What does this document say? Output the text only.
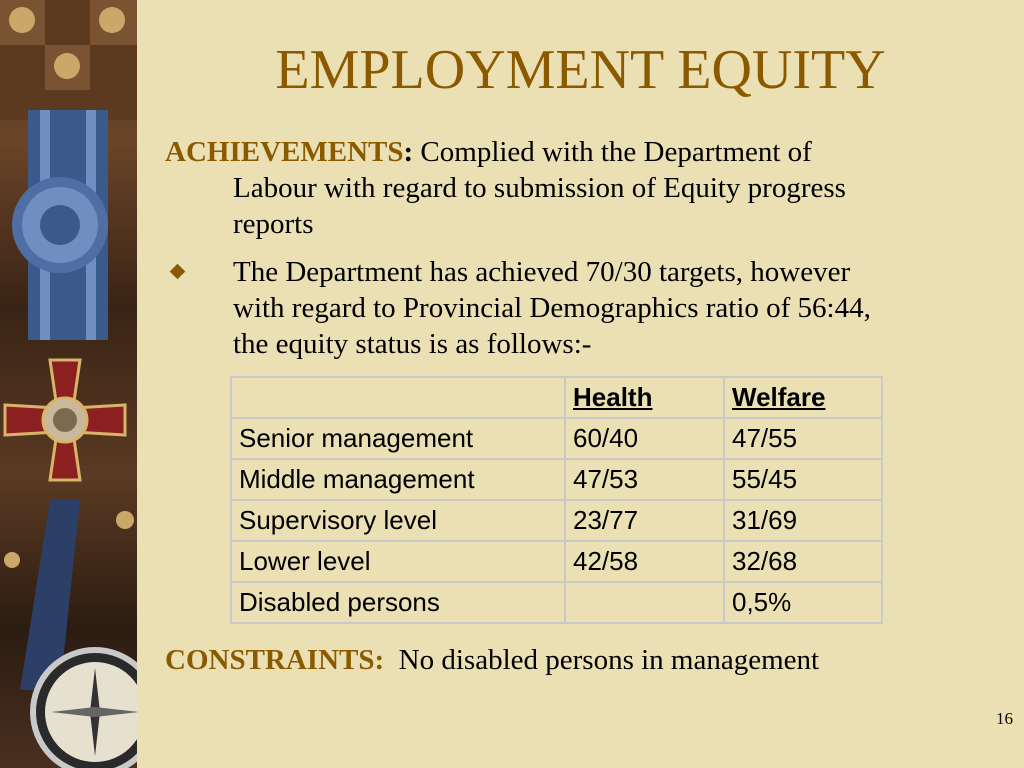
EMPLOYMENT EQUITY
ACHIEVEMENTS: Complied with the Department of
Labour with regard to submission of Equity progress
reports
The Department has achieved 70/30 targets, however
with regard to Provincial Demographics ratio of 56:44,
the equity status is as follows:-
	Health	Welfare
Senior management	60/40	47/55
Middle management	47/53	55/45
Supervisory level	23/77	31/69
Lower level	42/58	32/68
Disabled persons		0,5%
CONSTRAINTS: No disabled persons in management
16
